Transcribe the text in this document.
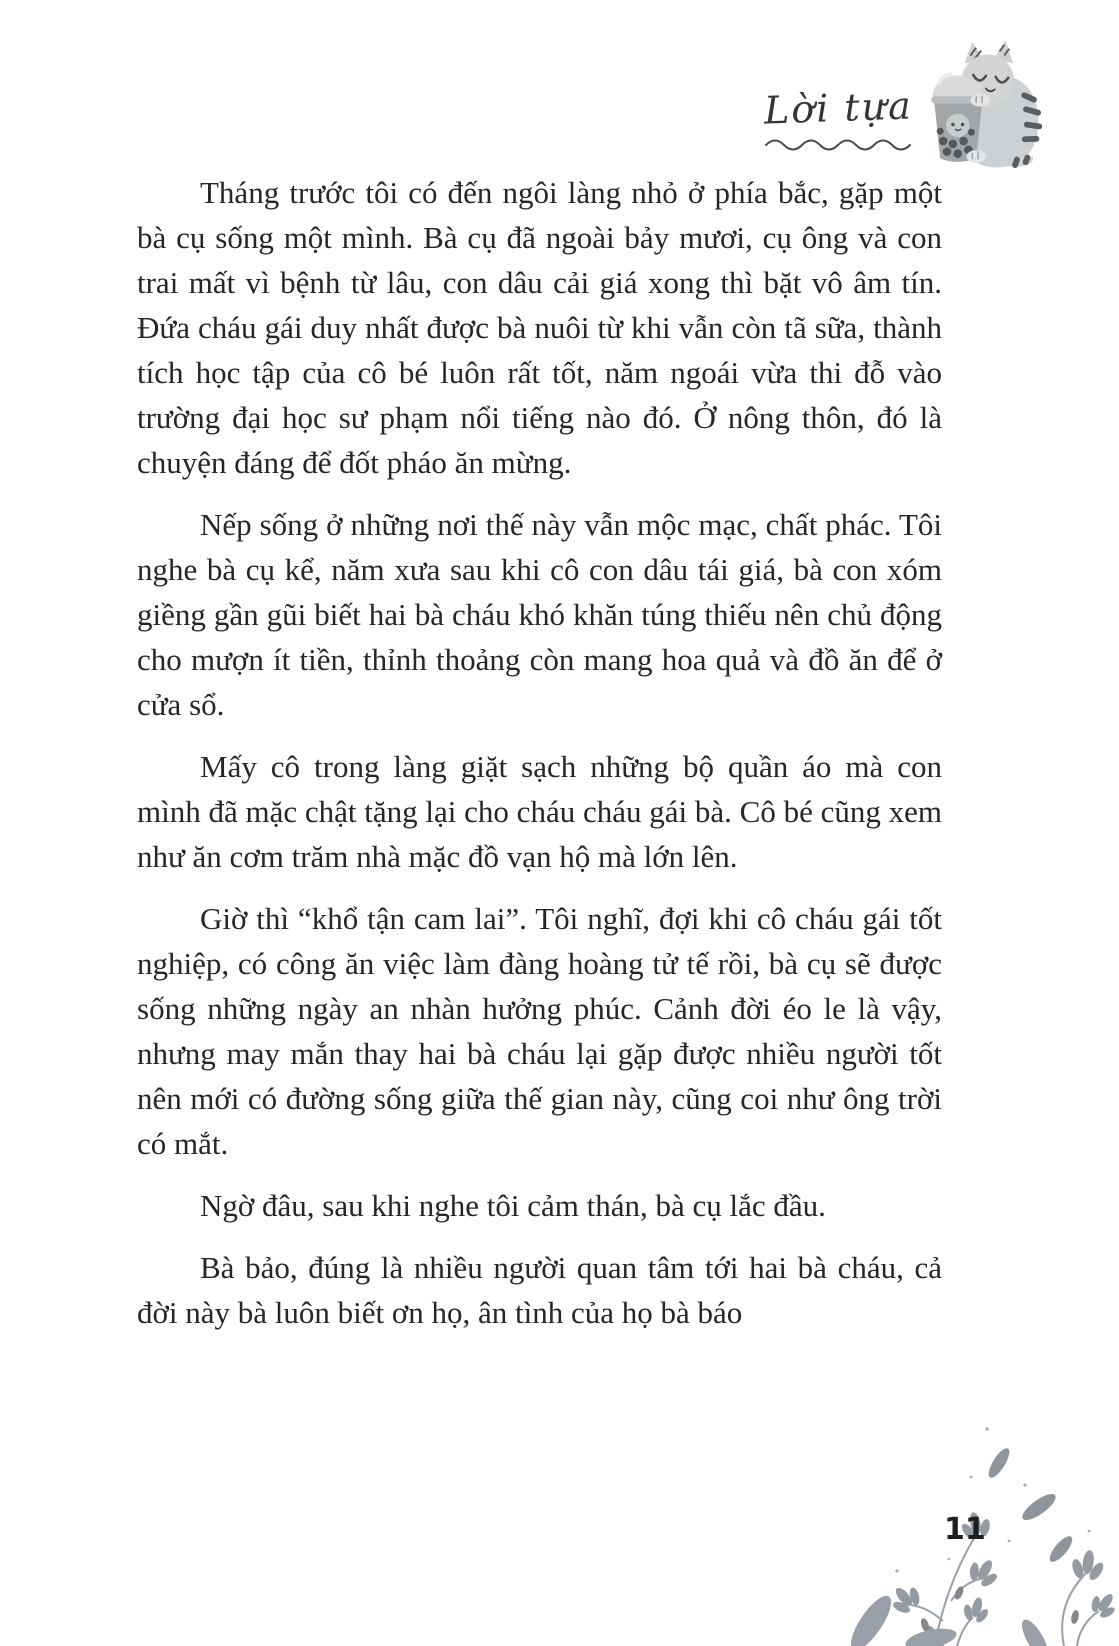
Lời tựa

Tháng trước tôi có đến ngôi làng nhỏ ở phía bắc, gặp một bà cụ sống một mình. Bà cụ đã ngoài bảy mươi, cụ ông và con trai mất vì bệnh từ lâu, con dâu cải giá xong thì bặt vô âm tín. Đứa cháu gái duy nhất được bà nuôi từ khi vẫn còn tã sữa, thành tích học tập của cô bé luôn rất tốt, năm ngoái vừa thi đỗ vào trường đại học sư phạm nổi tiếng nào đó. Ở nông thôn, đó là chuyện đáng để đốt pháo ăn mừng.

Nếp sống ở những nơi thế này vẫn mộc mạc, chất phác. Tôi nghe bà cụ kể, năm xưa sau khi cô con dâu tái giá, bà con xóm giềng gần gũi biết hai bà cháu khó khăn túng thiếu nên chủ động cho mượn ít tiền, thỉnh thoảng còn mang hoa quả và đồ ăn để ở cửa sổ.

Mấy cô trong làng giặt sạch những bộ quần áo mà con mình đã mặc chật tặng lại cho cháu cháu gái bà. Cô bé cũng xem như ăn cơm trăm nhà mặc đồ vạn hộ mà lớn lên.

Giờ thì “khổ tận cam lai”. Tôi nghĩ, đợi khi cô cháu gái tốt nghiệp, có công ăn việc làm đàng hoàng tử tế rồi, bà cụ sẽ được sống những ngày an nhàn hưởng phúc. Cảnh đời éo le là vậy, nhưng may mắn thay hai bà cháu lại gặp được nhiều người tốt nên mới có đường sống giữa thế gian này, cũng coi như ông trời có mắt.

Ngờ đâu, sau khi nghe tôi cảm thán, bà cụ lắc đầu.

Bà bảo, đúng là nhiều người quan tâm tới hai bà cháu, cả đời này bà luôn biết ơn họ, ân tình của họ bà báo

11
